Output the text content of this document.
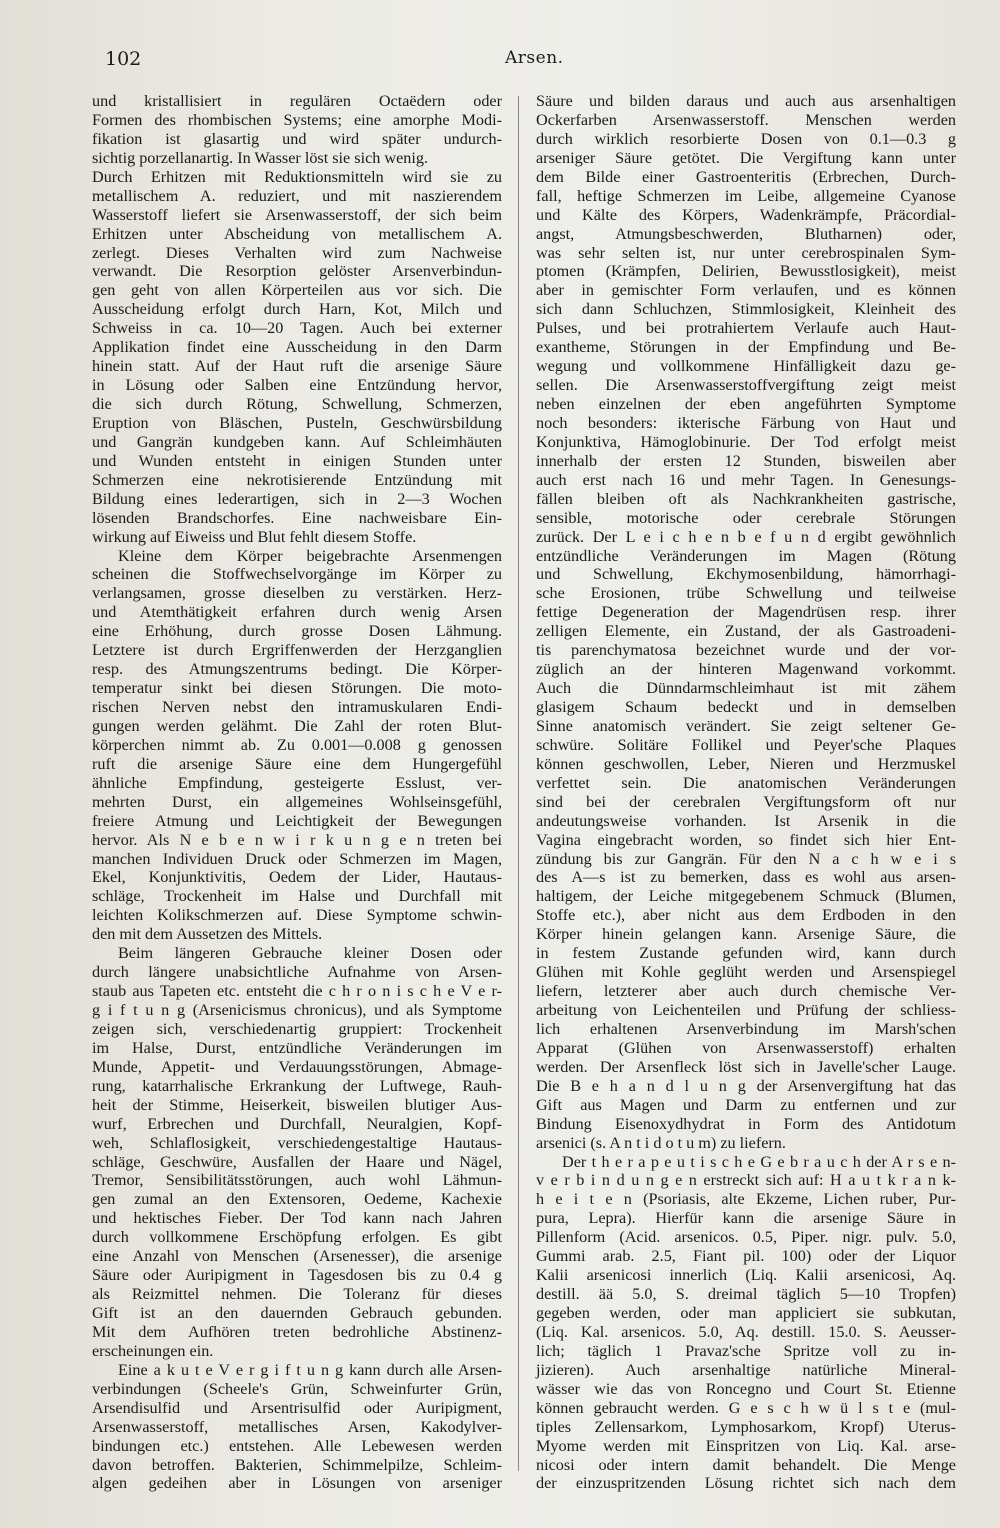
102	Arsen.
und kristallisiert in regulären Octaëdern oder
Formen des rhombischen Systems; eine amorphe Modi-
fikation ist glasartig und wird später undurch-
sichtig porzellanartig. In Wasser löst sie sich wenig.
Durch Erhitzen mit Reduktionsmitteln wird sie zu
metallischem A. reduziert, und mit naszierendem
Wasserstoff liefert sie Arsenwasserstoff, der sich beim
Erhitzen unter Abscheidung von metallischem A.
zerlegt. Dieses Verhalten wird zum Nachweise
verwandt. Die Resorption gelöster Arsenverbindun-
gen geht von allen Körperteilen aus vor sich. Die
Ausscheidung erfolgt durch Harn, Kot, Milch und
Schweiss in ca. 10—20 Tagen. Auch bei externer
Applikation findet eine Ausscheidung in den Darm
hinein statt. Auf der Haut ruft die arsenige Säure
in Lösung oder Salben eine Entzündung hervor,
die sich durch Rötung, Schwellung, Schmerzen,
Eruption von Bläschen, Pusteln, Geschwürsbildung
und Gangrän kundgeben kann. Auf Schleimhäuten
und Wunden entsteht in einigen Stunden unter
Schmerzen eine nekrotisierende Entzündung mit
Bildung eines lederartigen, sich in 2—3 Wochen
lösenden Brandschorfes. Eine nachweisbare Ein-
wirkung auf Eiweiss und Blut fehlt diesem Stoffe.
Kleine dem Körper beigebrachte Arsenmengen
scheinen die Stoffwechselvorgänge im Körper zu
verlangsamen, grosse dieselben zu verstärken. Herz-
und Atemthätigkeit erfahren durch wenig Arsen
eine Erhöhung, durch grosse Dosen Lähmung.
Letztere ist durch Ergriffenwerden der Herzganglien
resp. des Atmungszentrums bedingt. Die Körper-
temperatur sinkt bei diesen Störungen. Die moto-
rischen Nerven nebst den intramuskularen Endi-
gungen werden gelähmt. Die Zahl der roten Blut-
körperchen nimmt ab. Zu 0.001—0.008 g genossen
ruft die arsenige Säure eine dem Hungergefühl
ähnliche Empfindung, gesteigerte Esslust, ver-
mehrten Durst, ein allgemeines Wohlseinsgefühl,
freiere Atmung und Leichtigkeit der Bewegungen
hervor. Als N e b e n w i r k u n g e n treten bei
manchen Individuen Druck oder Schmerzen im Magen,
Ekel, Konjunktivitis, Oedem der Lider, Hautaus-
schläge, Trockenheit im Halse und Durchfall mit
leichten Kolikschmerzen auf. Diese Symptome schwin-
den mit dem Aussetzen des Mittels.
Beim längeren Gebrauche kleiner Dosen oder
durch längere unabsichtliche Aufnahme von Arsen-
staub aus Tapeten etc. entsteht die c h r o n i s c h e V e r-
g i f t u n g (Arsenicismus chronicus), und als Symptome
zeigen sich, verschiedenartig gruppiert: Trockenheit
im Halse, Durst, entzündliche Veränderungen im
Munde, Appetit- und Verdauungsstörungen, Abmage-
rung, katarrhalische Erkrankung der Luftwege, Rauh-
heit der Stimme, Heiserkeit, bisweilen blutiger Aus-
wurf, Erbrechen und Durchfall, Neuralgien, Kopf-
weh, Schlaflosigkeit, verschiedengestaltige Hautaus-
schläge, Geschwüre, Ausfallen der Haare und Nägel,
Tremor, Sensibilitätsstörungen, auch wohl Lähmun-
gen zumal an den Extensoren, Oedeme, Kachexie
und hektisches Fieber. Der Tod kann nach Jahren
durch vollkommene Erschöpfung erfolgen. Es gibt
eine Anzahl von Menschen (Arsenesser), die arsenige
Säure oder Auripigment in Tagesdosen bis zu 0.4 g
als Reizmittel nehmen. Die Toleranz für dieses
Gift ist an den dauernden Gebrauch gebunden.
Mit dem Aufhören treten bedrohliche Abstinenz-
erscheinungen ein.
Eine a k u t e V e r g i f t u n g kann durch alle Arsen-
verbindungen (Scheele's Grün, Schweinfurter Grün,
Arsendisulfid und Arsentrisulfid oder Auripigment,
Arsenwasserstoff, metallisches Arsen, Kakodylver-
bindungen etc.) entstehen. Alle Lebewesen werden
davon betroffen. Bakterien, Schimmelpilze, Schleim-
algen gedeihen aber in Lösungen von arseniger
Säure und bilden daraus und auch aus arsenhaltigen
Ockerfarben Arsenwasserstoff. Menschen werden
durch wirklich resorbierte Dosen von 0.1—0.3 g
arseniger Säure getötet. Die Vergiftung kann unter
dem Bilde einer Gastroenteritis (Erbrechen, Durch-
fall, heftige Schmerzen im Leibe, allgemeine Cyanose
und Kälte des Körpers, Wadenkrämpfe, Präcordial-
angst, Atmungsbeschwerden, Blutharnen) oder,
was sehr selten ist, nur unter cerebrospinalen Sym-
ptomen (Krämpfen, Delirien, Bewusstlosigkeit), meist
aber in gemischter Form verlaufen, und es können
sich dann Schluchzen, Stimmlosigkeit, Kleinheit des
Pulses, und bei protrahiertem Verlaufe auch Haut-
exantheme, Störungen in der Empfindung und Be-
wegung und vollkommene Hinfälligkeit dazu ge-
sellen. Die Arsenwasserstoffvergiftung zeigt meist
neben einzelnen der eben angeführten Symptome
noch besonders: ikterische Färbung von Haut und
Konjunktiva, Hämoglobinurie. Der Tod erfolgt meist
innerhalb der ersten 12 Stunden, bisweilen aber
auch erst nach 16 und mehr Tagen. In Genesungs-
fällen bleiben oft als Nachkrankheiten gastrische,
sensible, motorische oder cerebrale Störungen
zurück. Der L e i c h e n b e f u n d ergibt gewöhnlich
entzündliche Veränderungen im Magen (Rötung
und Schwellung, Ekchymosenbildung, hämorrhagi-
sche Erosionen, trübe Schwellung und teilweise
fettige Degeneration der Magendrüsen resp. ihrer
zelligen Elemente, ein Zustand, der als Gastroadeni-
tis parenchymatosa bezeichnet wurde und der vor-
züglich an der hinteren Magenwand vorkommt.
Auch die Dünndarmschleimhaut ist mit zähem
glasigem Schaum bedeckt und in demselben
Sinne anatomisch verändert. Sie zeigt seltener Ge-
schwüre. Solitäre Follikel und Peyer'sche Plaques
können geschwollen, Leber, Nieren und Herzmuskel
verfettet sein. Die anatomischen Veränderungen
sind bei der cerebralen Vergiftungsform oft nur
andeutungsweise vorhanden. Ist Arsenik in die
Vagina eingebracht worden, so findet sich hier Ent-
zündung bis zur Gangrän. Für den N a c h w e i s
des A—s ist zu bemerken, dass es wohl aus arsen-
haltigem, der Leiche mitgegebenem Schmuck (Blumen,
Stoffe etc.), aber nicht aus dem Erdboden in den
Körper hinein gelangen kann. Arsenige Säure, die
in festem Zustande gefunden wird, kann durch
Glühen mit Kohle geglüht werden und Arsenspiegel
liefern, letzterer aber auch durch chemische Ver-
arbeitung von Leichenteilen und Prüfung der schliess-
lich erhaltenen Arsenverbindung im Marsh'schen
Apparat (Glühen von Arsenwasserstoff) erhalten
werden. Der Arsenfleck löst sich in Javelle'scher Lauge.
Die B e h a n d l u n g der Arsenvergiftung hat das
Gift aus Magen und Darm zu entfernen und zur
Bindung Eisenoxydhydrat in Form des Antidotum
arsenici (s. A n t i d o t u m) zu liefern.
Der t h e r a p e u t i s c h e G e b r a u c h der A r s e n-
v e r b i n d u n g e n erstreckt sich auf: H a u t k r a n k-
h e i t e n (Psoriasis, alte Ekzeme, Lichen ruber, Pur-
pura, Lepra). Hierfür kann die arsenige Säure in
Pillenform (Acid. arsenicos. 0.5, Piper. nigr. pulv. 5.0,
Gummi arab. 2.5, Fiant pil. 100) oder der Liquor
Kalii arsenicosi innerlich (Liq. Kalii arsenicosi, Aq.
destill. ää 5.0, S. dreimal täglich 5—10 Tropfen)
gegeben werden, oder man appliciert sie subkutan,
(Liq. Kal. arsenicos. 5.0, Aq. destill. 15.0. S. Aeusser-
lich; täglich 1 Pravaz'sche Spritze voll zu in-
jizieren). Auch arsenhaltige natürliche Mineral-
wässer wie das von Roncegno und Court St. Etienne
können gebraucht werden. G e s c h w ü l s t e (mul-
tiples Zellensarkom, Lymphosarkom, Kropf) Uterus-
Myome werden mit Einspritzen von Liq. Kal. arse-
nicosi oder intern damit behandelt. Die Menge
der einzuspritzenden Lösung richtet sich nach dem
